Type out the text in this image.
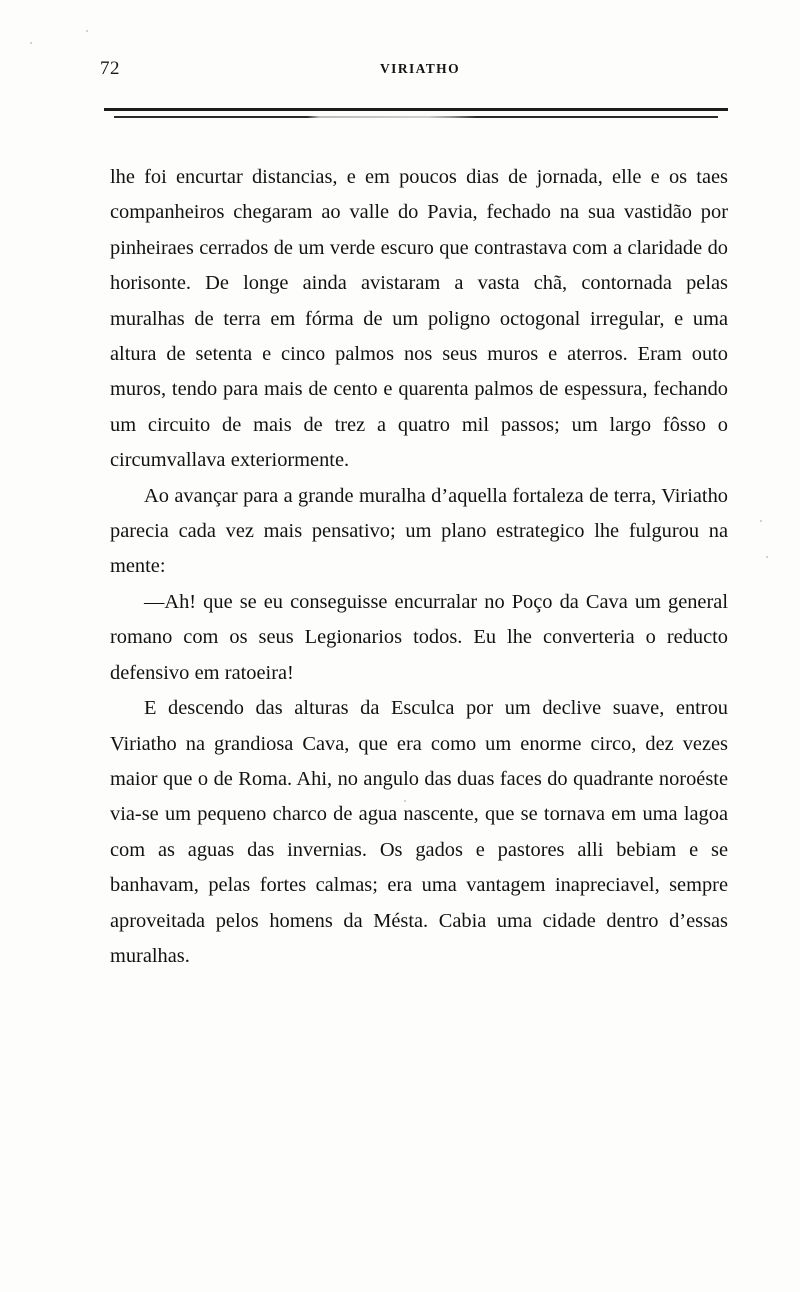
72	VIRIATHO

lhe foi encurtar distancias, e em poucos dias de jornada, elle e os taes companheiros chegaram ao valle do Pavia, fechado na sua vastidão por pinheiraes cerrados de um verde escuro que contrastava com a claridade do horisonte. De longe ainda avistaram a vasta chã, contornada pelas muralhas de terra em fórma de um poligno octogonal irregular, e uma altura de setenta e cinco palmos nos seus muros e aterros. Eram outo muros, tendo para mais de cento e quarenta palmos de espessura, fechando um circuito de mais de trez a quatro mil passos; um largo fôsso o circumvallava exteriormente.

Ao avançar para a grande muralha d’aquella fortaleza de terra, Viriatho parecia cada vez mais pensativo; um plano estrategico lhe fulgurou na mente:

—Ah! que se eu conseguisse encurralar no Poço da Cava um general romano com os seus Legionarios todos. Eu lhe converteria o reducto defensivo em ratoeira!

E descendo das alturas da Esculca por um declive suave, entrou Viriatho na grandiosa Cava, que era como um enorme circo, dez vezes maior que o de Roma. Ahi, no angulo das duas faces do quadrante noroéste via-se um pequeno charco de agua nascente, que se tornava em uma lagoa com as aguas das invernias. Os gados e pastores alli bebiam e se banhavam, pelas fortes calmas; era uma vantagem inapreciavel, sempre aproveitada pelos homens da Mésta. Cabia uma cidade dentro d’essas muralhas.
